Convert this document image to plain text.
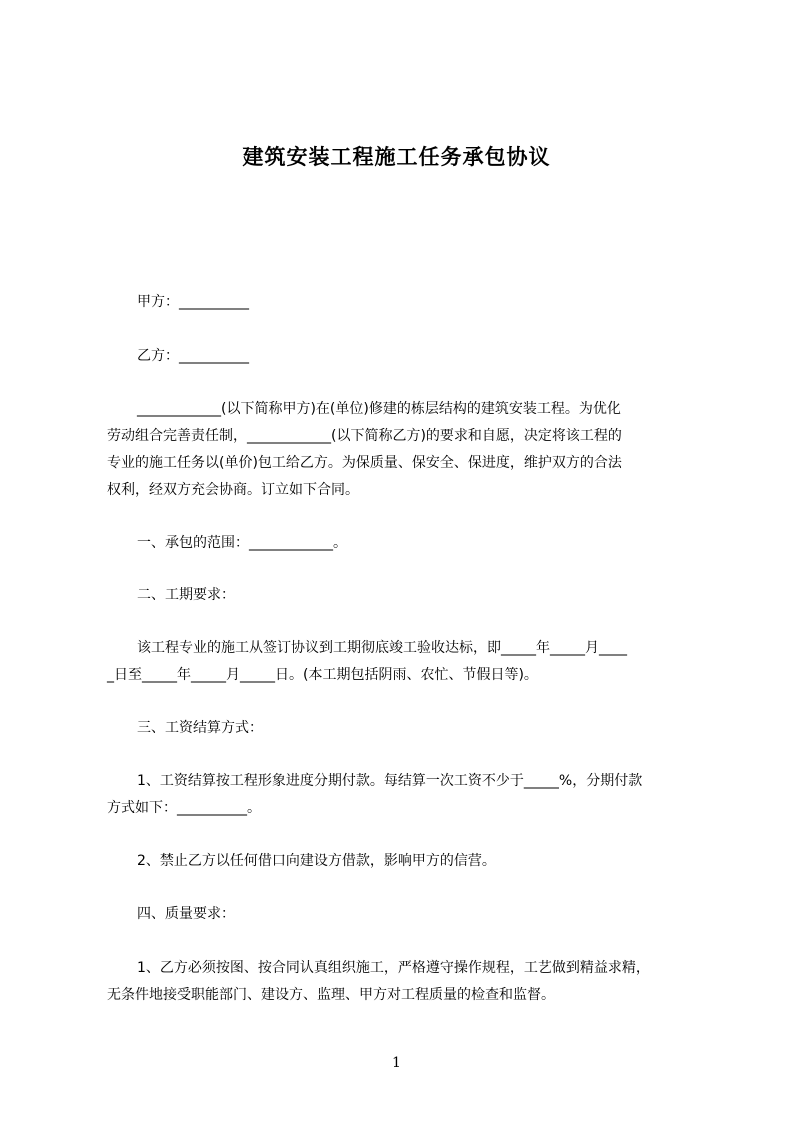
建筑安装工程施工任务承包协议
甲方：__________
乙方：__________
____________(以下简称甲方)在(单位)修建的栋层结构的建筑安装工程。为优化
劳动组合完善责任制，____________(以下简称乙方)的要求和自愿，决定将该工程的
专业的施工任务以(单价)包工给乙方。为保质量、保安全、保进度，维护双方的合法
权利，经双方充会协商。订立如下合同。
一、承包的范围：____________。
二、工期要求：
该工程专业的施工从签订协议到工期彻底竣工验收达标，即_____年_____月____
_日至_____年_____月_____日。(本工期包括阴雨、农忙、节假日等)。
三、工资结算方式：
1、工资结算按工程形象进度分期付款。每结算一次工资不少于_____%，分期付款
方式如下：__________。
2、禁止乙方以任何借口向建设方借款，影响甲方的信营。
四、质量要求：
1、乙方必须按图、按合同认真组织施工，严格遵守操作规程，工艺做到精益求精，
无条件地接受职能部门、建设方、监理、甲方对工程质量的检查和监督。
1
